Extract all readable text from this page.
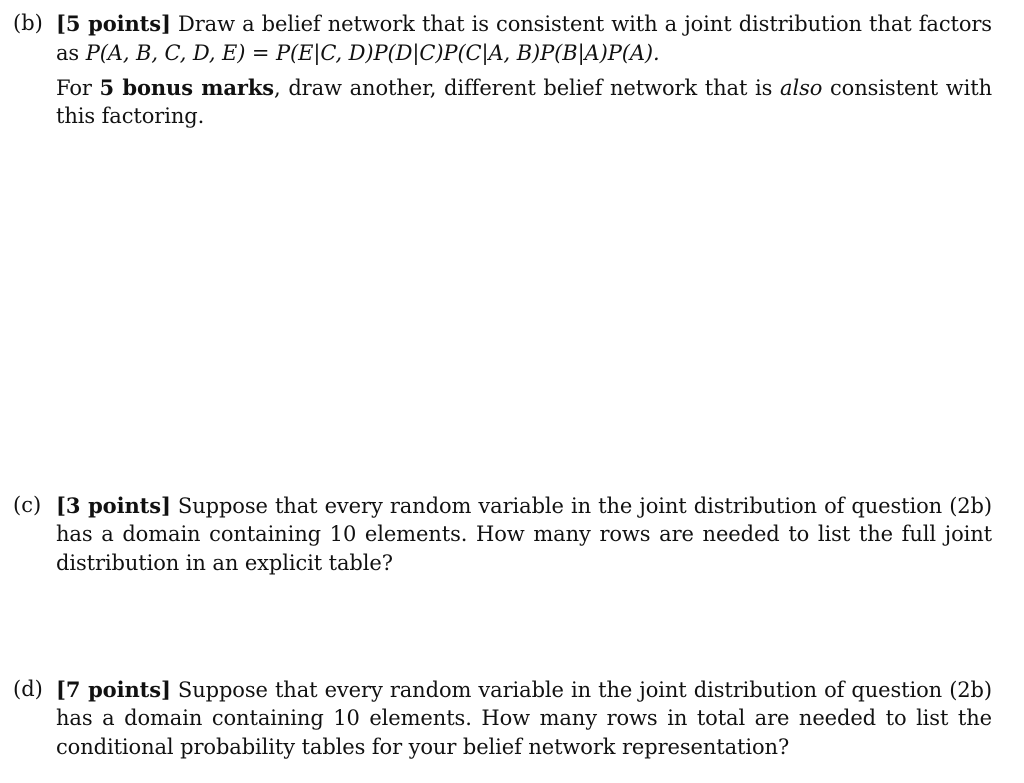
(b) [5 points] Draw a belief network that is consistent with a joint distribution that factors
as P(A, B, C, D, E) = P(E|C, D)P(D|C)P(C|A, B)P(B|A)P(A).
For 5 bonus marks, draw another, different belief network that is also consistent with
this factoring.
(c) [3 points] Suppose that every random variable in the joint distribution of question (2b)
has a domain containing 10 elements. How many rows are needed to list the full joint
distribution in an explicit table?
(d) [7 points] Suppose that every random variable in the joint distribution of question (2b)
has a domain containing 10 elements. How many rows in total are needed to list the
conditional probability tables for your belief network representation?
